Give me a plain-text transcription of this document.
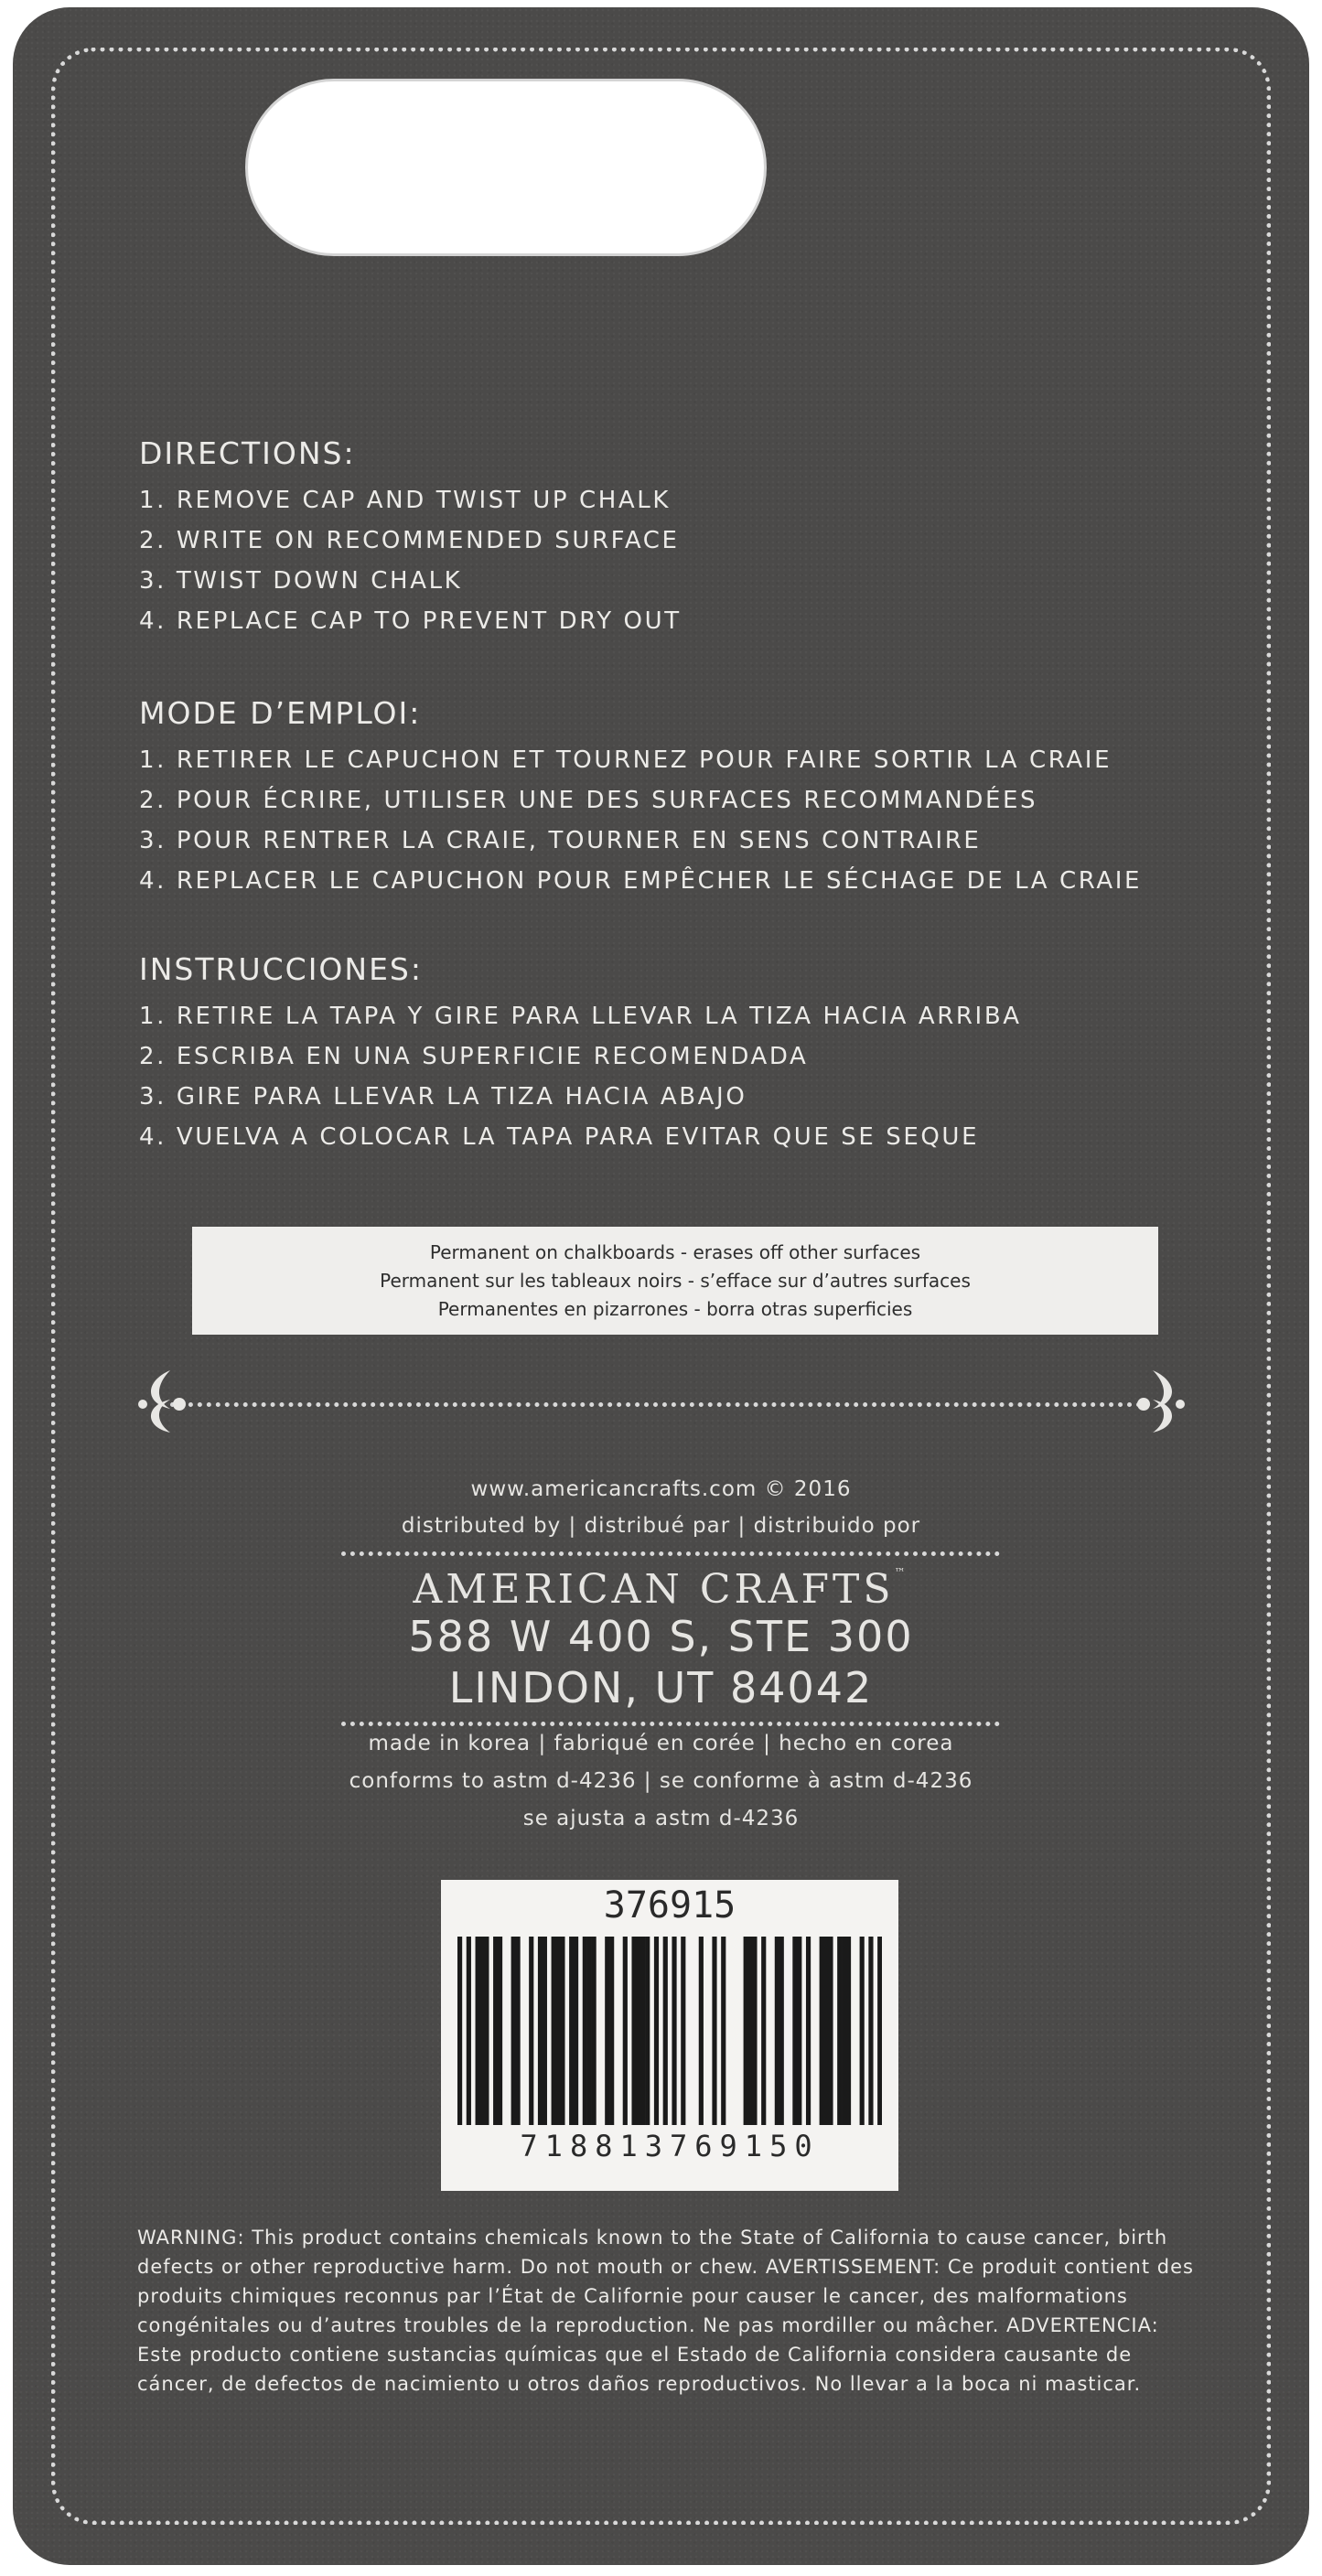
DIRECTIONS:
1. REMOVE CAP AND TWIST UP CHALK
2. WRITE ON RECOMMENDED SURFACE
3. TWIST DOWN CHALK
4. REPLACE CAP TO PREVENT DRY OUT
MODE D’EMPLOI:
1. RETIRER LE CAPUCHON ET TOURNEZ POUR FAIRE SORTIR LA CRAIE
2. POUR ÉCRIRE, UTILISER UNE DES SURFACES RECOMMANDÉES
3. POUR RENTRER LA CRAIE, TOURNER EN SENS CONTRAIRE
4. REPLACER LE CAPUCHON POUR EMPÊCHER LE SÉCHAGE DE LA CRAIE
INSTRUCCIONES:
1. RETIRE LA TAPA Y GIRE PARA LLEVAR LA TIZA HACIA ARRIBA
2. ESCRIBA EN UNA SUPERFICIE RECOMENDADA
3. GIRE PARA LLEVAR LA TIZA HACIA ABAJO
4. VUELVA A COLOCAR LA TAPA PARA EVITAR QUE SE SEQUE
Permanent on chalkboards - erases off other surfaces
Permanent sur les tableaux noirs - s’efface sur d’autres surfaces
Permanentes en pizarrones - borra otras superficies
www.americancrafts.com © 2016
distributed by | distribué par | distribuido por
AMERICAN CRAFTS™
588 W 400 S, STE 300
LINDON, UT 84042
made in korea | fabriqué en corée | hecho en corea
conforms to astm d-4236 | se conforme à astm d-4236
se ajusta a astm d-4236
376915
718813769150
WARNING: This product contains chemicals known to the State of California to cause cancer, birth defects or other reproductive harm. Do not mouth or chew. AVERTISSEMENT: Ce produit contient des produits chimiques reconnus par l’État de Californie pour causer le cancer, des malformations congénitales ou d’autres troubles de la reproduction. Ne pas mordiller ou mâcher. ADVERTENCIA: Este producto contiene sustancias químicas que el Estado de California considera causante de cáncer, de defectos de nacimiento u otros daños reproductivos. No llevar a la boca ni masticar.
